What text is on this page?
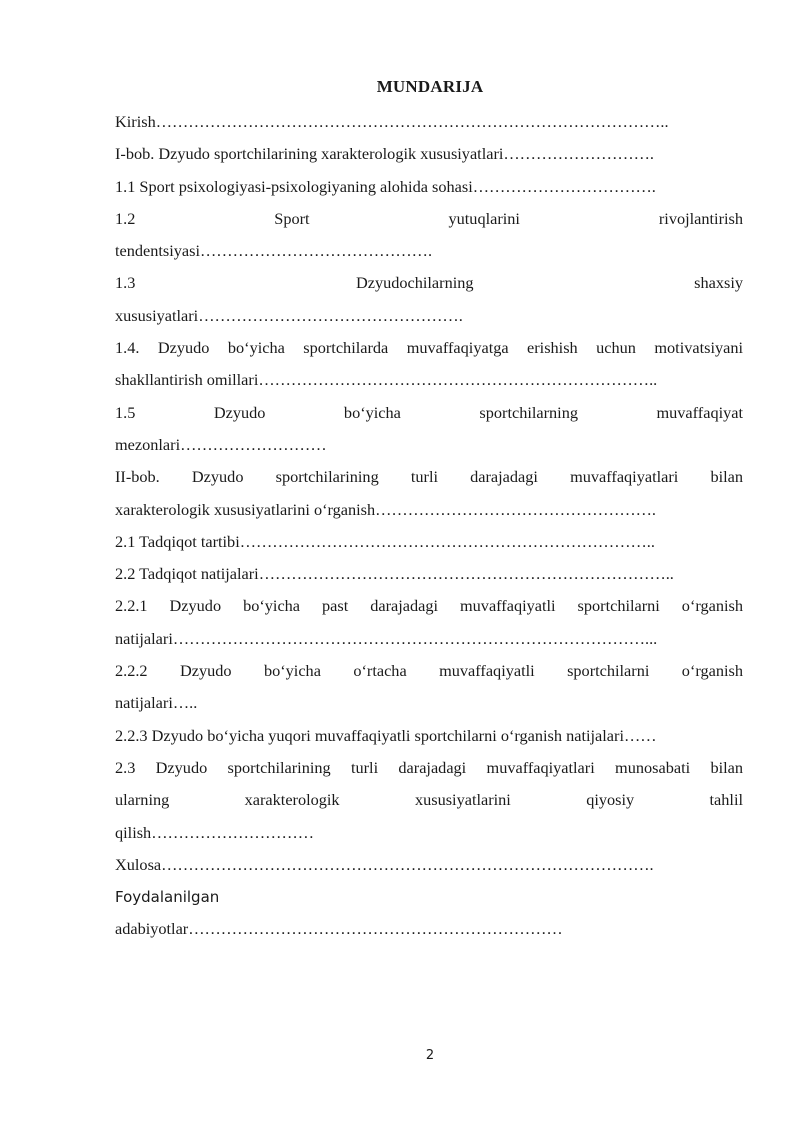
MUNDARIJA
Kirish…………………………………………………………………………………..
I-bob. Dzyudo sportchilarining xarakterologik xususiyatlari……………………….
1.1 Sport psixologiyasi-psixologiyaning alohida sohasi…………………………….
1.2 Sport yutuqlarini rivojlantirish
tendentsiyasi…………………………………….
1.3 Dzyudochilarning shaxsiy
xususiyatlari………………………………………….
1.4. Dzyudo bo‘yicha sportchilarda muvaffaqiyatga erishish uchun motivatsiyani
shakllantirish omillari………………………………………………………………..
1.5 Dzyudo bo‘yicha sportchilarning muvaffaqiyat
mezonlari………………………
II-bob. Dzyudo sportchilarining turli darajadagi muvaffaqiyatlari bilan
xarakterologik xususiyatlarini o‘rganish…………………………………………….
2.1 Tadqiqot tartibi…………………………………………………………………..
2.2 Tadqiqot natijalari…………………………………………………………………..
2.2.1 Dzyudo bo‘yicha past darajadagi muvaffaqiyatli sportchilarni o‘rganish
natijalari……………………………………………………………………………...
2.2.2 Dzyudo bo‘yicha o‘rtacha muvaffaqiyatli sportchilarni o‘rganish
natijalari…..
2.2.3 Dzyudo bo‘yicha yuqori muvaffaqiyatli sportchilarni o‘rganish natijalari……
2.3 Dzyudo sportchilarining turli darajadagi muvaffaqiyatlari munosabati bilan
ularning xarakterologik xususiyatlarini qiyosiy tahlil
qilish…………………………
Xulosa……………………………………………………………………………….
Foydalanilgan
adabiyotlar……………………………………………………………
2
